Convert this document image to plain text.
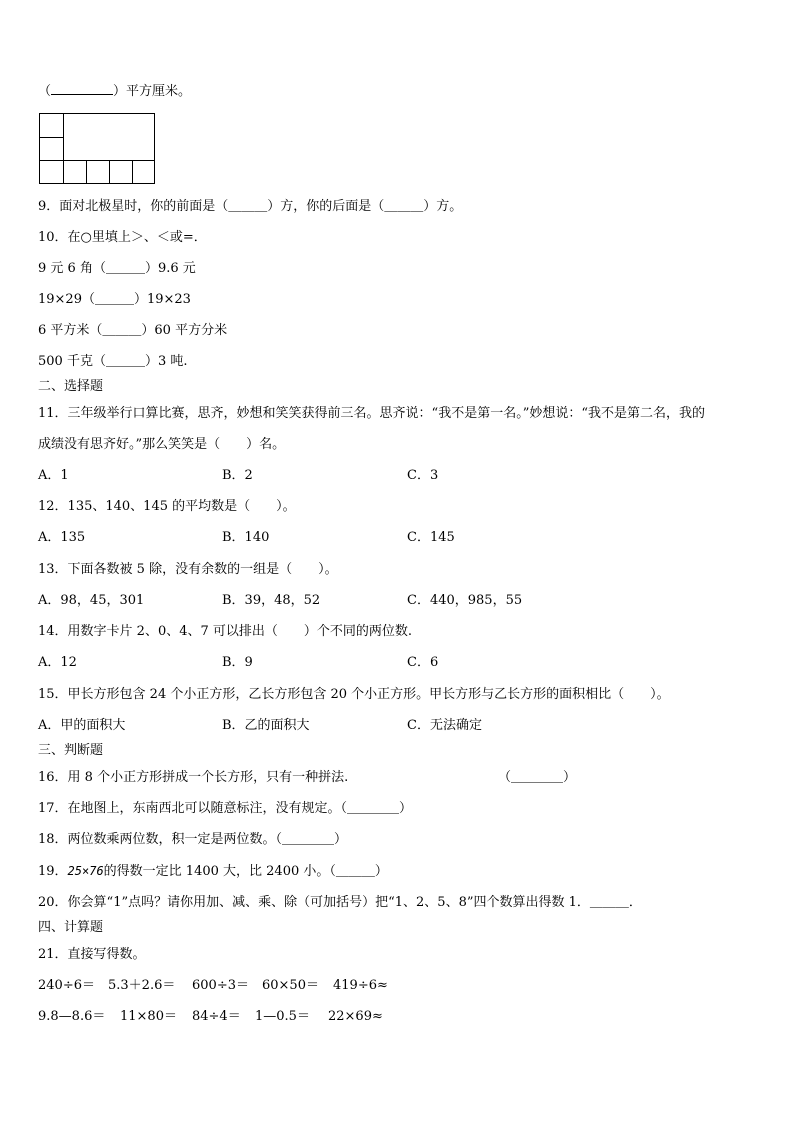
（	）平方厘米。
9．面对北极星时，你的前面是（＿＿＿）方，你的后面是（＿＿＿）方。
10．在○里填上＞、＜或=．
9 元 6 角（＿＿＿）9.6 元
19×29（＿＿＿）19×23
6 平方米（＿＿＿）60 平方分米
500 千克（＿＿＿）3 吨.
二、选择题
11．三年级举行口算比赛，思齐，妙想和笑笑获得前三名。思齐说：“我不是第一名。”妙想说：“我不是第二名，我的
成绩没有思齐好。”那么笑笑是（　　）名。
A．1	B．2	C．3
12．135、140、145 的平均数是（　　）。
A．135	B．140	C．145
13．下面各数被 5 除，没有余数的一组是（　　）。
A．98，45，301	B．39，48，52	C．440，985，55
14．用数字卡片 2、0、4、7 可以排出（　　）个不同的两位数.
A．12	B．9	C．6
15．甲长方形包含 24 个小正方形，乙长方形包含 20 个小正方形。甲长方形与乙长方形的面积相比（　　）。
A．甲的面积大	B．乙的面积大	C．无法确定
三、判断题
16．用 8 个小正方形拼成一个长方形，只有一种拼法.	（＿＿＿＿）
17．在地图上，东南西北可以随意标注，没有规定。（＿＿＿＿）
18．两位数乘两位数，积一定是两位数。（＿＿＿＿）
19．25×76的得数一定比 1400 大，比 2400 小。（＿＿＿）
20．你会算“1”点吗？请你用加、减、乘、除（可加括号）把“1、2、5、8”四个数算出得数 1．＿＿＿．
四、计算题
21．直接写得数。
240÷6＝ 5.3＋2.6＝ 600÷3＝ 60×50＝ 419÷6≈
9.8—8.6＝ 11×80＝ 84÷4＝ 1—0.5＝ 22×69≈
